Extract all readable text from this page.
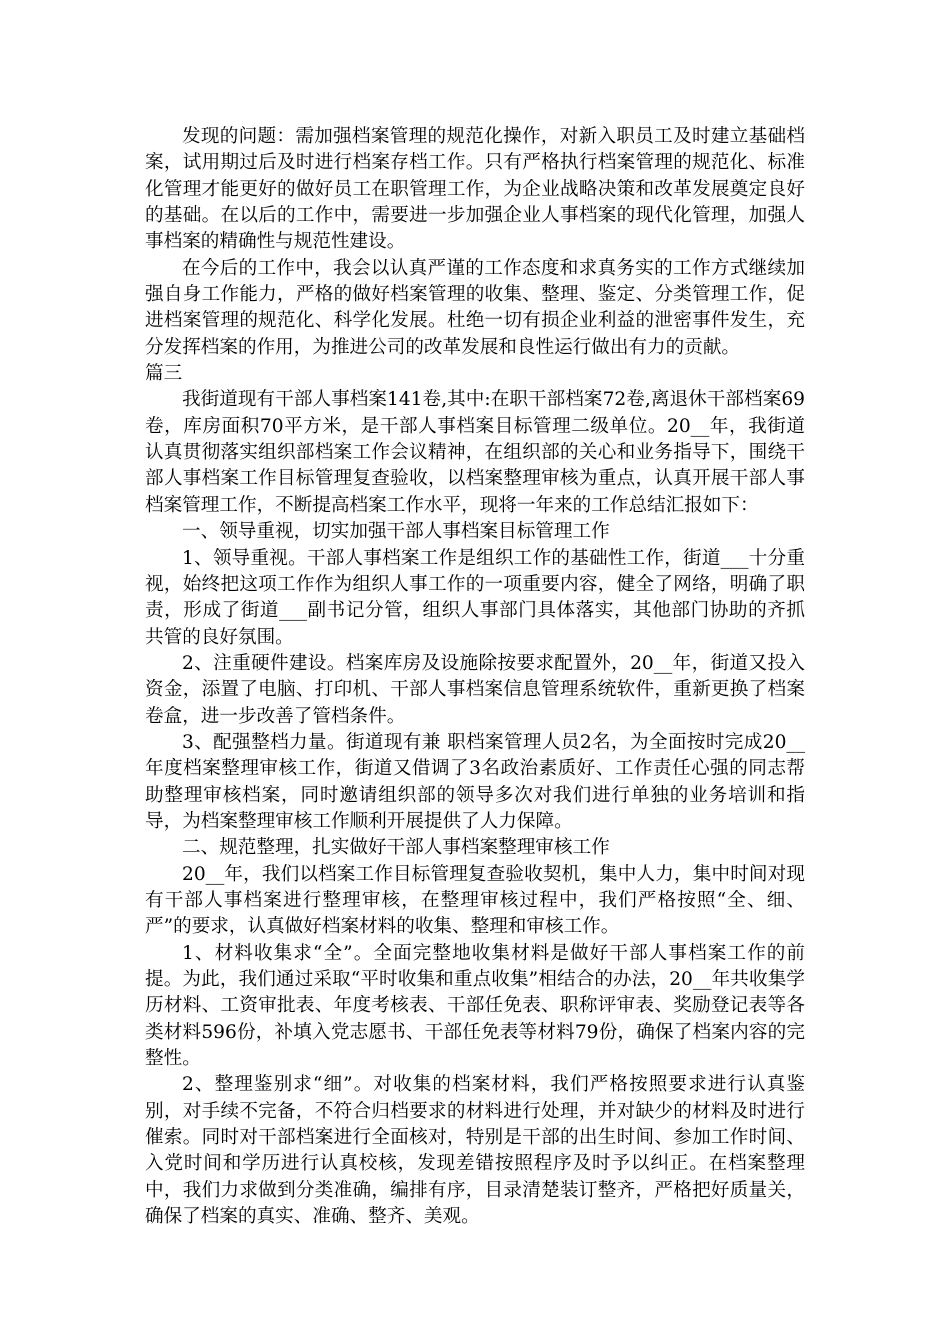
发现的问题：需加强档案管理的规范化操作，对新入职员工及时建立基础档案，试用期过后及时进行档案存档工作。只有严格执行档案管理的规范化、标准化管理才能更好的做好员工在职管理工作，为企业战略决策和改革发展奠定良好的基础。在以后的工作中，需要进一步加强企业人事档案的现代化管理，加强人事档案的精确性与规范性建设。

在今后的工作中，我会以认真严谨的工作态度和求真务实的工作方式继续加强自身工作能力，严格的做好档案管理的收集、整理、鉴定、分类管理工作，促进档案管理的规范化、科学化发展。杜绝一切有损企业利益的泄密事件发生，充分发挥档案的作用，为推进公司的改革发展和良性运行做出有力的贡献。

篇三

我街道现有干部人事档案141卷,其中:在职干部档案72卷,离退休干部档案69卷，库房面积70平方米，是干部人事档案目标管理二级单位。20__年，我街道认真贯彻落实组织部档案工作会议精神，在组织部的关心和业务指导下，围绕干部人事档案工作目标管理复查验收，以档案整理审核为重点，认真开展干部人事档案管理工作，不断提高档案工作水平，现将一年来的工作总结汇报如下：

一、领导重视，切实加强干部人事档案目标管理工作

1、领导重视。干部人事档案工作是组织工作的基础性工作，街道___十分重视，始终把这项工作作为组织人事工作的一项重要内容，健全了网络，明确了职责，形成了街道___副书记分管，组织人事部门具体落实，其他部门协助的齐抓共管的良好氛围。

2、注重硬件建设。档案库房及设施除按要求配置外，20__年，街道又投入资金，添置了电脑、打印机、干部人事档案信息管理系统软件，重新更换了档案卷盒，进一步改善了管档条件。

3、配强整档力量。街道现有兼 职档案管理人员2名，为全面按时完成20__年度档案整理审核工作，街道又借调了3名政治素质好、工作责任心强的同志帮助整理审核档案，同时邀请组织部的领导多次对我们进行单独的业务培训和指导，为档案整理审核工作顺利开展提供了人力保障。

二、规范整理，扎实做好干部人事档案整理审核工作

20__年，我们以档案工作目标管理复查验收契机，集中人力，集中时间对现有干部人事档案进行整理审核，在整理审核过程中，我们严格按照“全、细、严”的要求，认真做好档案材料的收集、整理和审核工作。

1、材料收集求“全”。全面完整地收集材料是做好干部人事档案工作的前提。为此，我们通过采取“平时收集和重点收集”相结合的办法，20__年共收集学历材料、工资审批表、年度考核表、干部任免表、职称评审表、奖励登记表等各类材料596份，补填入党志愿书、干部任免表等材料79份，确保了档案内容的完整性。

2、整理鉴别求“细”。对收集的档案材料，我们严格按照要求进行认真鉴别，对手续不完备，不符合归档要求的材料进行处理，并对缺少的材料及时进行催索。同时对干部档案进行全面核对，特别是干部的出生时间、参加工作时间、入党时间和学历进行认真校核，发现差错按照程序及时予以纠正。在档案整理中，我们力求做到分类准确，编排有序，目录清楚装订整齐，严格把好质量关，确保了档案的真实、准确、整齐、美观。
